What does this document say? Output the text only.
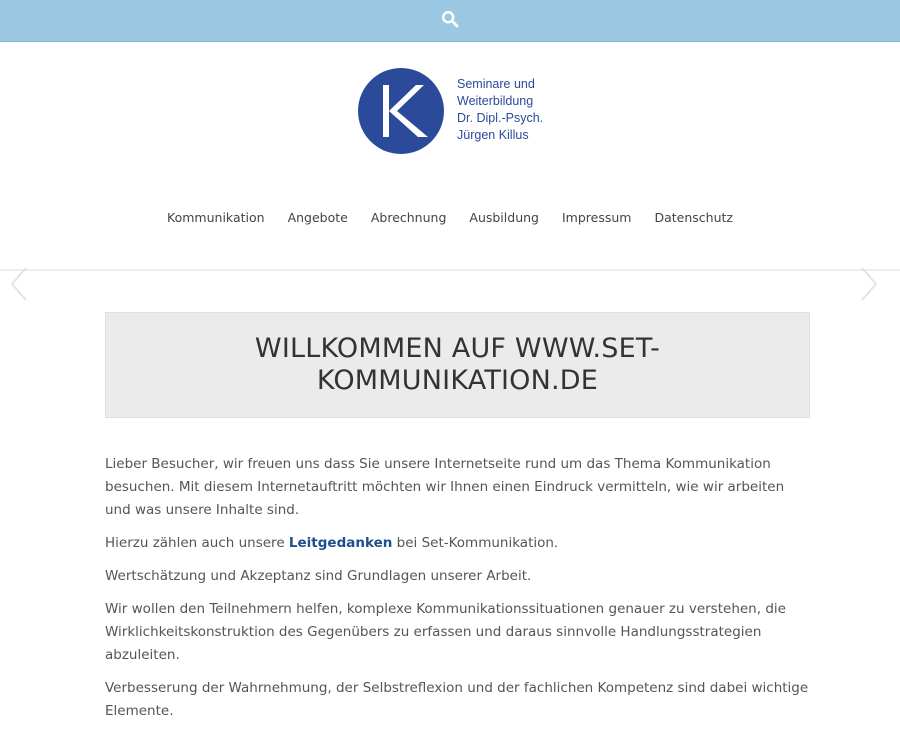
Seminare und
Weiterbildung
Dr. Dipl.-Psych.
Jürgen Killus
Kommunikation Angebote Abrechnung Ausbildung Impressum Datenschutz
WILLKOMMEN AUF WWW.SET-KOMMUNIKATION.DE

Lieber Besucher, wir freuen uns dass Sie unsere Internetseite rund um das Thema Kommunikation besuchen. Mit diesem Internetauftritt möchten wir Ihnen einen Eindruck vermitteln, wie wir arbeiten und was unsere Inhalte sind.

Hierzu zählen auch unsere Leitgedanken bei Set-Kommunikation.

Wertschätzung und Akzeptanz sind Grundlagen unserer Arbeit.

Wir wollen den Teilnehmern helfen, komplexe Kommunikationssituationen genauer zu verstehen, die Wirklichkeitskonstruktion des Gegenübers zu erfassen und daraus sinnvolle Handlungsstrategien abzuleiten.

Verbesserung der Wahrnehmung, der Selbstreflexion und der fachlichen Kompetenz sind dabei wichtige Elemente.
